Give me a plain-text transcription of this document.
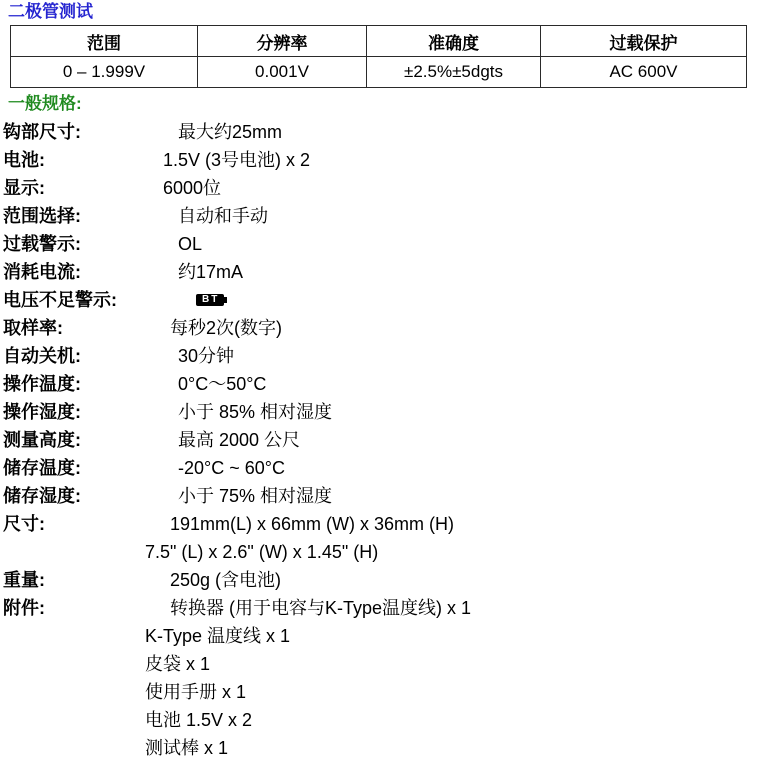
二极管测试
范围	分辨率	准确度	过载保护
0 – 1.999V	0.001V	±2.5%±5dgts	AC 600V
一般规格:
钩部尺寸:	最大约25mm
电池:	1.5V (3号电池) x 2
显示:	6000位
范围选择:	自动和手动
过载警示:	OL
消耗电流:	约17mA
电压不足警示:	BT
取样率:	每秒2次(数字)
自动关机:	30分钟
操作温度:	0°C～50°C
操作湿度:	小于 85% 相对湿度
测量高度:	最高 2000 公尺
储存温度:	-20°C ~ 60°C
储存湿度:	小于 75% 相对湿度
尺寸:	191mm(L) x 66mm (W) x 36mm (H)
7.5" (L) x 2.6" (W) x 1.45" (H)
重量:	250g (含电池)
附件:	转换器 (用于电容与K-Type温度线) x 1
K-Type 温度线 x 1
皮袋 x 1
使用手册 x 1
电池 1.5V x 2
测试棒 x 1
